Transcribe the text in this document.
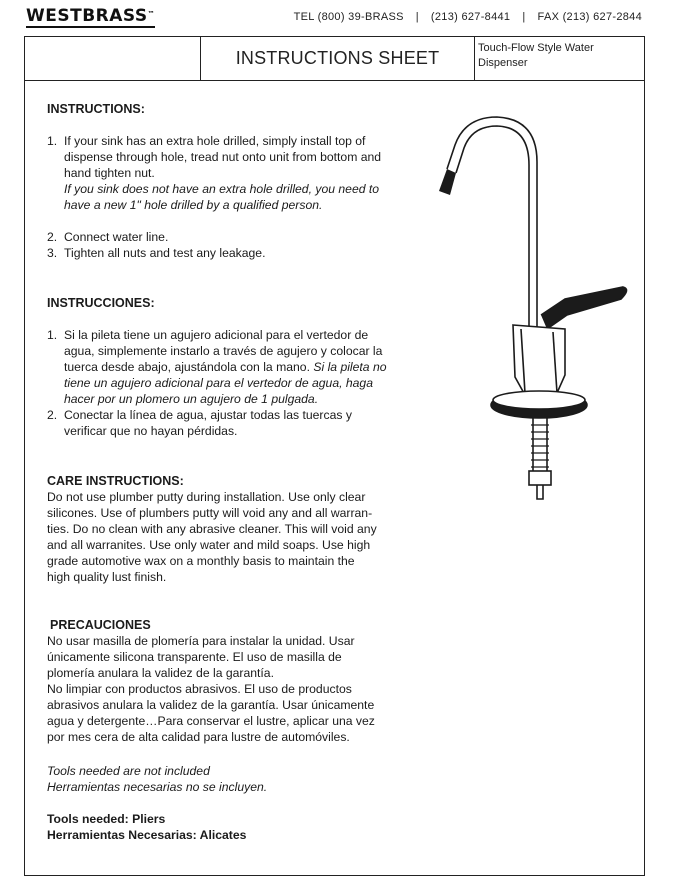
WESTBRASS™	TEL (800) 39-BRASS | (213) 627-8441 | FAX (213) 627-2844
INSTRUCTIONS SHEET	Touch-Flow Style Water Dispenser
INSTRUCTIONS:
1. If your sink has an extra hole drilled, simply install top of dispense through hole, tread nut onto unit from bottom and hand tighten nut.
If you sink does not have an extra hole drilled, you need to have a new 1" hole drilled by a qualified person.
2. Connect water line.
3. Tighten all nuts and test any leakage.
INSTRUCCIONES:
1. Si la pileta tiene un agujero adicional para el vertedor de agua, simplemente instarlo a través de agujero y colocar la tuerca desde abajo, ajustándola con la mano. Si la pileta no tiene un agujero adicional para el vertedor de agua, haga hacer por un plomero un agujero de 1 pulgada.
2. Conectar la línea de agua, ajustar todas las tuercas y verificar que no hayan pérdidas.
CARE INSTRUCTIONS:
Do not use plumber putty during installation. Use only clear
silicones. Use of plumbers putty will void any and all warran-
ties. Do no clean with any abrasive cleaner. This will void any
and all warranites. Use only water and mild soaps. Use high
grade automotive wax on a monthly basis to maintain the
high quality lust finish.
PRECAUCIONES
No usar masilla de plomería para instalar la unidad. Usar
únicamente silicona transparente. El uso de masilla de
plomería anulara la validez de la garantía.
No limpiar con productos abrasivos. El uso de productos
abrasivos anulara la validez de la garantía. Usar únicamente
agua y detergente…Para conservar el lustre, aplicar una vez
por mes cera de alta calidad para lustre de automóviles.
Tools needed are not included
Herramientas necesarias no se incluyen.
Tools needed: Pliers
Herramientas Necesarias: Alicates
